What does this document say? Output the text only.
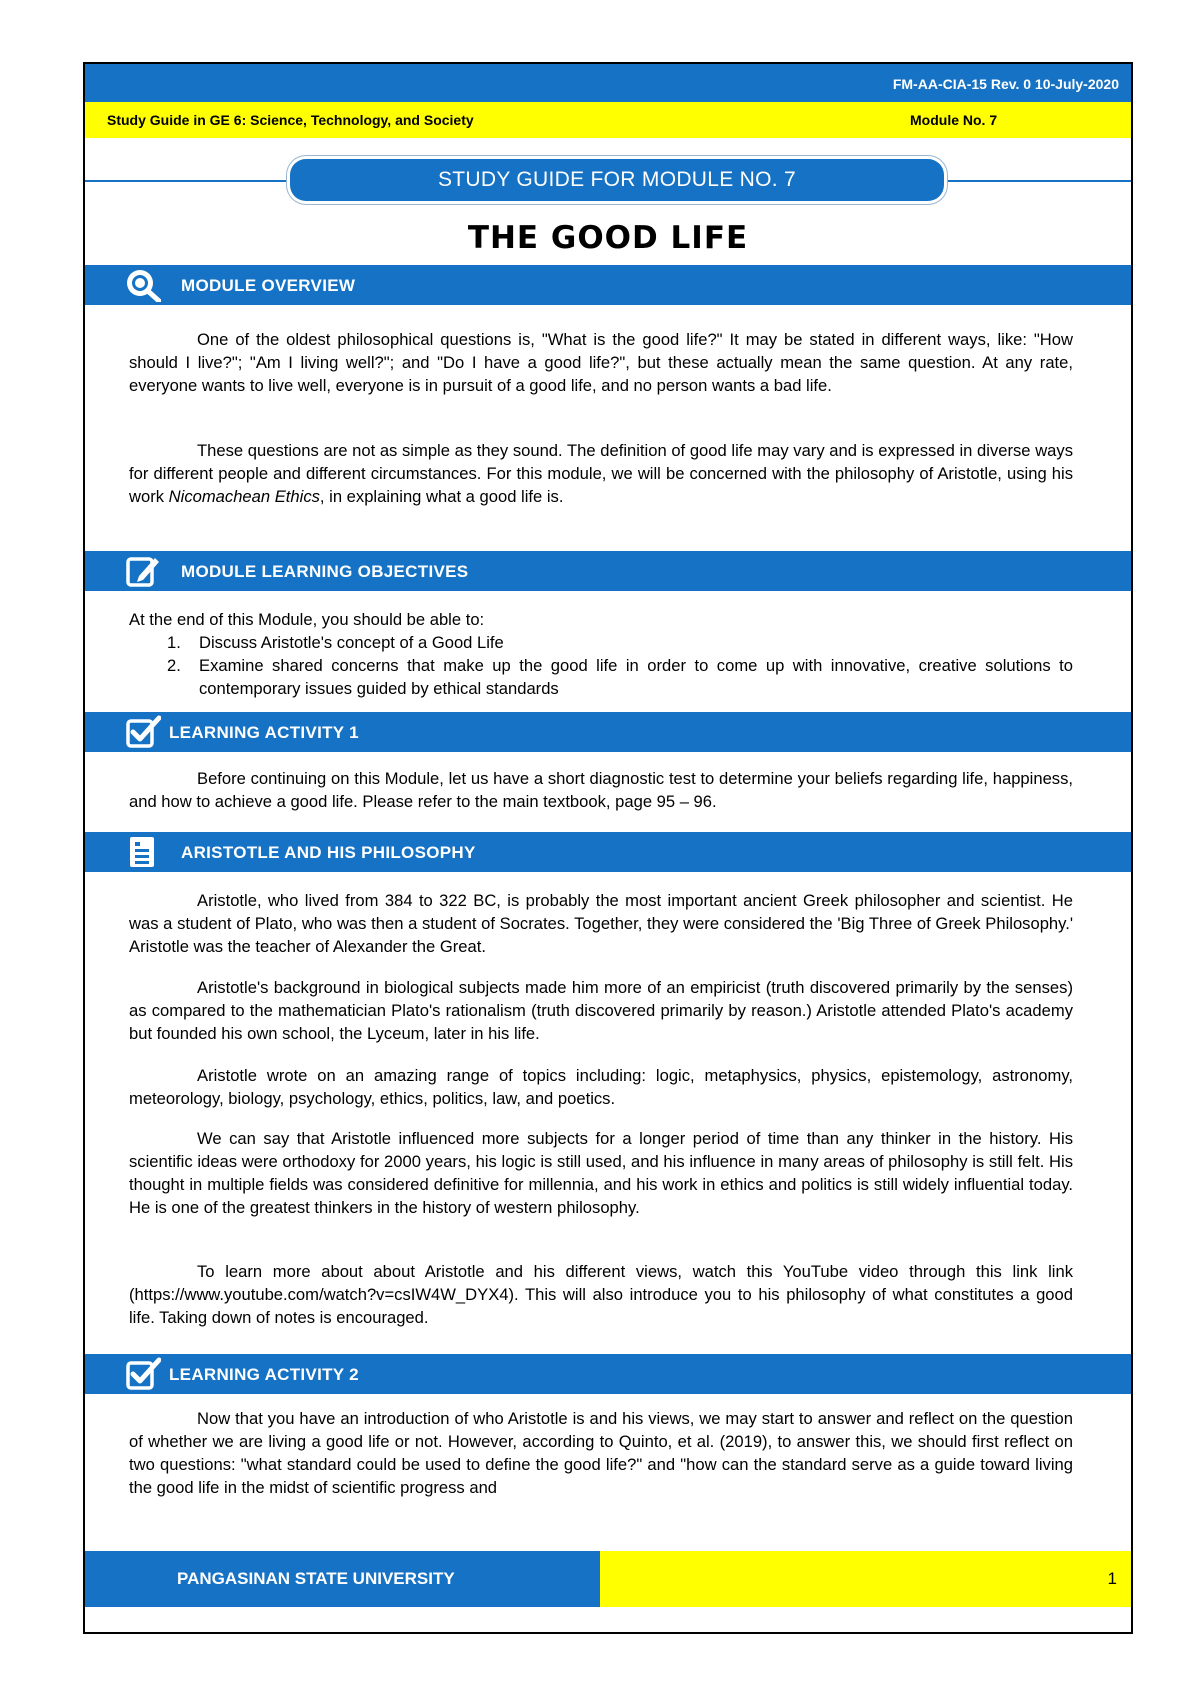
FM-AA-CIA-15 Rev. 0 10-July-2020
Study Guide in GE 6: Science, Technology, and Society	Module No. 7
STUDY GUIDE FOR MODULE NO. 7
THE GOOD LIFE
MODULE OVERVIEW
One of the oldest philosophical questions is, "What is the good life?" It may be stated in different ways, like: "How should I live?"; "Am I living well?"; and "Do I have a good life?", but these actually mean the same question. At any rate, everyone wants to live well, everyone is in pursuit of a good life, and no person wants a bad life.
These questions are not as simple as they sound. The definition of good life may vary and is expressed in diverse ways for different people and different circumstances. For this module, we will be concerned with the philosophy of Aristotle, using his work Nicomachean Ethics, in explaining what a good life is.
MODULE LEARNING OBJECTIVES
At the end of this Module, you should be able to:
1.	Discuss Aristotle's concept of a Good Life
2.	Examine shared concerns that make up the good life in order to come up with innovative, creative solutions to contemporary issues guided by ethical standards
LEARNING ACTIVITY 1
Before continuing on this Module, let us have a short diagnostic test to determine your beliefs regarding life, happiness, and how to achieve a good life. Please refer to the main textbook, page 95 – 96.
ARISTOTLE AND HIS PHILOSOPHY
Aristotle, who lived from 384 to 322 BC, is probably the most important ancient Greek philosopher and scientist. He was a student of Plato, who was then a student of Socrates. Together, they were considered the 'Big Three of Greek Philosophy.' Aristotle was the teacher of Alexander the Great.
Aristotle's background in biological subjects made him more of an empiricist (truth discovered primarily by the senses) as compared to the mathematician Plato's rationalism (truth discovered primarily by reason.) Aristotle attended Plato's academy but founded his own school, the Lyceum, later in his life.
Aristotle wrote on an amazing range of topics including: logic, metaphysics, physics, epistemology, astronomy, meteorology, biology, psychology, ethics, politics, law, and poetics.
We can say that Aristotle influenced more subjects for a longer period of time than any thinker in the history. His scientific ideas were orthodoxy for 2000 years, his logic is still used, and his influence in many areas of philosophy is still felt. His thought in multiple fields was considered definitive for millennia, and his work in ethics and politics is still widely influential today. He is one of the greatest thinkers in the history of western philosophy.
To learn more about about Aristotle and his different views, watch this YouTube video through this link link (https://www.youtube.com/watch?v=csIW4W_DYX4). This will also introduce you to his philosophy of what constitutes a good life. Taking down of notes is encouraged.
LEARNING ACTIVITY 2
Now that you have an introduction of who Aristotle is and his views, we may start to answer and reflect on the question of whether we are living a good life or not. However, according to Quinto, et al. (2019), to answer this, we should first reflect on two questions: "what standard could be used to define the good life?" and "how can the standard serve as a guide toward living the good life in the midst of scientific progress and
PANGASINAN STATE UNIVERSITY	1
